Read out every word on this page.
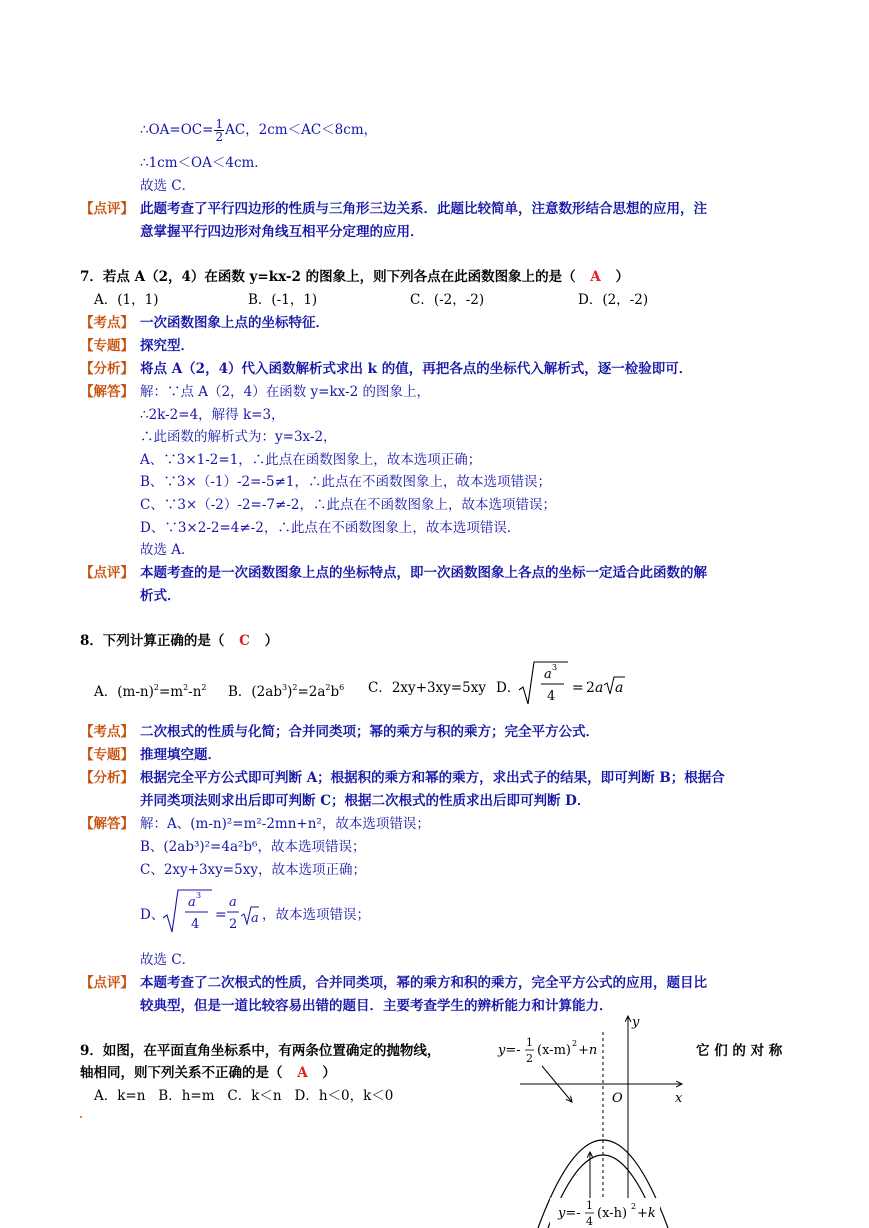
∴OA=OC= $\frac{1}{2}$ AC，2cm＜AC＜8cm，
∴1cm＜OA＜4cm．
故选 C．
【点评】 此题考查了平行四边形的性质与三角形三边关系．此题比较简单，注意数形结合思想的应用，注
意掌握平行四边形对角线互相平分定理的应用．
7．若点 A（2，4）在函数 y=kx-2 的图象上，则下列各点在此函数图象上的是（ A ）
A．(1，1)	B．(-1，1)	C．(-2，-2)	D．(2，-2)
【考点】 一次函数图象上点的坐标特征．
【专题】 探究型．
【分析】 将点 A（2，4）代入函数解析式求出 k 的值，再把各点的坐标代入解析式，逐一检验即可．
【解答】 解：∵点 A（2，4）在函数 y=kx-2 的图象上，
∴2k-2=4，解得 k=3，
∴此函数的解析式为：y=3x-2，
A、∵3×1-2=1，∴此点在函数图象上，故本选项正确；
B、∵3×（-1）-2=-5≠1，∴此点在不函数图象上，故本选项错误；
C、∵3×（-2）-2=-7≠-2，∴此点在不函数图象上，故本选项错误；
D、∵3×2-2=4≠-2，∴此点在不函数图象上，故本选项错误．
故选 A．
【点评】 本题考查的是一次函数图象上点的坐标特点，即一次函数图象上各点的坐标一定适合此函数的解
析式．
8．下列计算正确的是（ C ）
A．$(m-n)^2=m^2-n^2$ B．$(2ab^3)^2=2a^2b^6$ C．2xy+3xy=5xy D．
a 3
4
= 2 a a
【考点】 二次根式的性质与化简；合并同类项；幂的乘方与积的乘方；完全平方公式．
【专题】 推理填空题．
【分析】 根据完全平方公式即可判断 A；根据积的乘方和幂的乘方，求出式子的结果，即可判断 B；根据合
并同类项法则求出后即可判断 C；根据二次根式的性质求出后即可判断 D．
【解答】 解：A、(m-n)²=m²-2mn+n²，故本选项错误；
B、(2ab³)²=4a²b⁶，故本选项错误；
C、2xy+3xy=5xy，故本选项正确；
D、
a 3
4
=
a
2 a ，故本选项错误；
故选 C．
【点评】 本题考查了二次根式的性质，合并同类项，幂的乘方和积的乘方，完全平方公式的应用，题目比
较典型，但是一道比较容易出错的题目．主要考查学生的辨析能力和计算能力．
9．如图，在平面直角坐标系中，有两条位置确定的抛物线，	它 们 的 对 称
轴相同，则下列关系不正确的是（ A ）
A．k=n   B．h=m   C．k＜n   D．h＜0，k＜0	x
y
O
y=-
1
2
(x-m) 2 +n
y=-
1
4
(x-h) 2 +k
